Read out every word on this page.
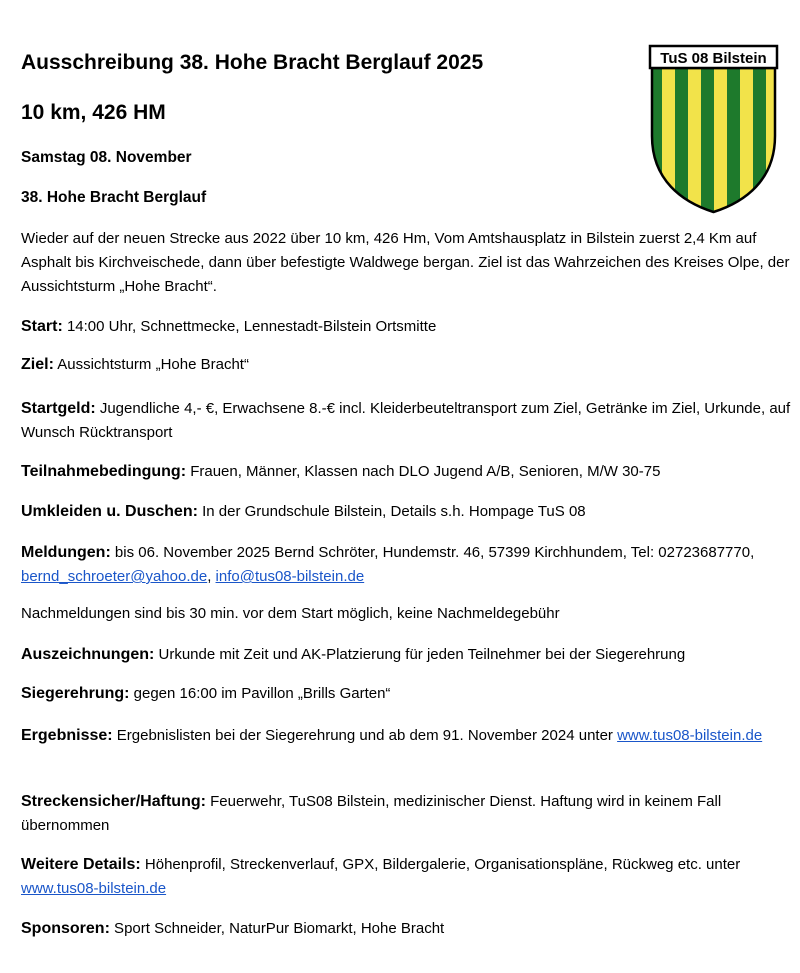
TuS 08 Bilstein
Ausschreibung 38. Hohe Bracht Berglauf 2025
10 km, 426 HM
Samstag 08. November
38. Hohe Bracht Berglauf
Wieder auf der neuen Strecke aus 2022 über 10 km, 426 Hm, Vom Amtshausplatz in Bilstein zuerst 2,4 Km auf Asphalt bis Kirchveischede, dann über befestigte Waldwege bergan. Ziel ist das Wahrzeichen des Kreises Olpe, der Aussichtsturm „Hohe Bracht“.
Start: 14:00 Uhr, Schnettmecke, Lennestadt-Bilstein Ortsmitte
Ziel: Aussichtsturm „Hohe Bracht“
Startgeld: Jugendliche 4,- €, Erwachsene 8.-€ incl. Kleiderbeuteltransport zum Ziel, Getränke im Ziel, Urkunde, auf Wunsch Rücktransport
Teilnahmebedingung: Frauen, Männer, Klassen nach DLO Jugend A/B, Senioren, M/W 30-75
Umkleiden u. Duschen: In der Grundschule Bilstein, Details s.h. Hompage TuS 08
Meldungen: bis 06. November 2025 Bernd Schröter, Hundemstr. 46, 57399 Kirchhundem, Tel: 02723687770, bernd_schroeter@yahoo.de, info@tus08-bilstein.de
Nachmeldungen sind bis 30 min. vor dem Start möglich, keine Nachmeldegebühr
Auszeichnungen: Urkunde mit Zeit und AK-Platzierung für jeden Teilnehmer bei der Siegerehrung
Siegerehrung: gegen 16:00 im Pavillon „Brills Garten“
Ergebnisse: Ergebnislisten bei der Siegerehrung und ab dem 91. November 2024 unter www.tus08-bilstein.de
Streckensicher/Haftung: Feuerwehr, TuS08 Bilstein, medizinischer Dienst. Haftung wird in keinem Fall übernommen
Weitere Details: Höhenprofil, Streckenverlauf, GPX, Bildergalerie, Organisationspläne, Rückweg etc. unter www.tus08-bilstein.de
Sponsoren: Sport Schneider, NaturPur Biomarkt, Hohe Bracht
